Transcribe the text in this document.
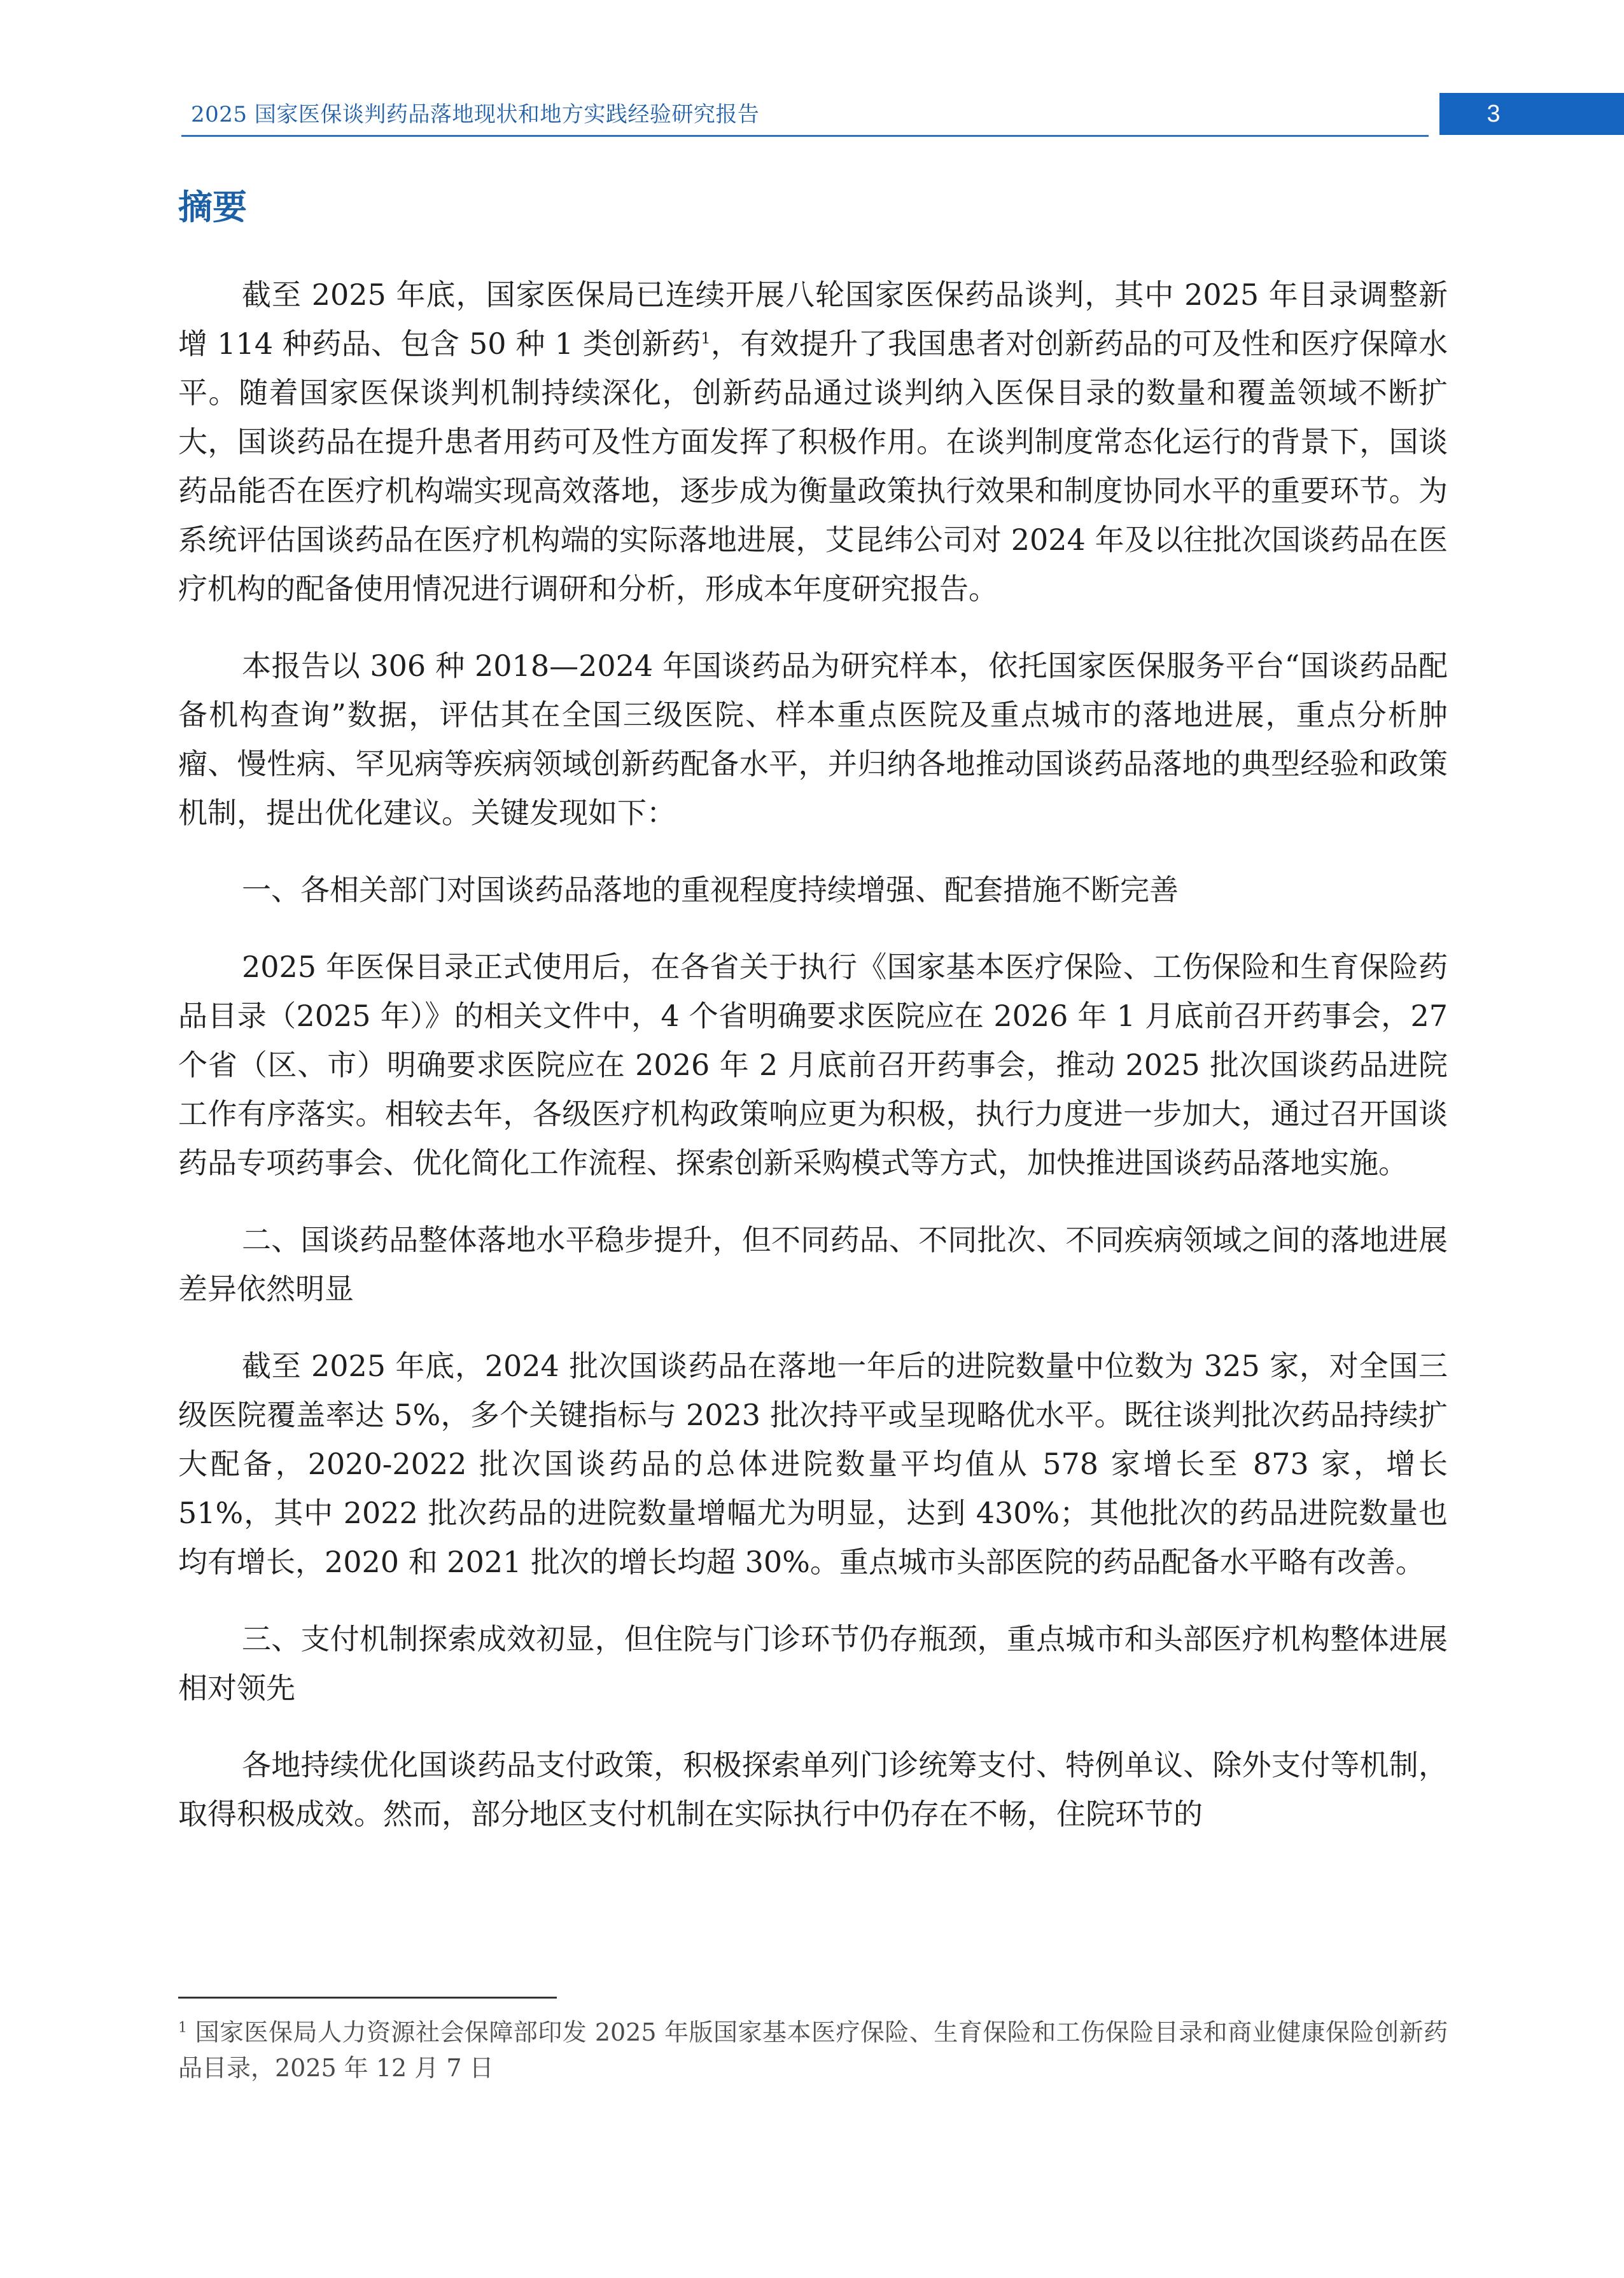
2025 国家医保谈判药品落地现状和地方实践经验研究报告	3
摘要

截至 2025 年底，国家医保局已连续开展八轮国家医保药品谈判，其中 2025 年目录调整新增 114 种药品、包含 50 种 1 类创新药$^1$，有效提升了我国患者对创新药品的可及性和医疗保障水平。随着国家医保谈判机制持续深化，创新药品通过谈判纳入医保目录的数量和覆盖领域不断扩大，国谈药品在提升患者用药可及性方面发挥了积极作用。在谈判制度常态化运行的背景下，国谈药品能否在医疗机构端实现高效落地，逐步成为衡量政策执行效果和制度协同水平的重要环节。为系统评估国谈药品在医疗机构端的实际落地进展，艾昆纬公司对 2024 年及以往批次国谈药品在医疗机构的配备使用情况进行调研和分析，形成本年度研究报告。

本报告以 306 种 2018—2024 年国谈药品为研究样本，依托国家医保服务平台“国谈药品配备机构查询”数据，评估其在全国三级医院、样本重点医院及重点城市的落地进展，重点分析肿瘤、慢性病、罕见病等疾病领域创新药配备水平，并归纳各地推动国谈药品落地的典型经验和政策机制，提出优化建议。关键发现如下：

一、各相关部门对国谈药品落地的重视程度持续增强、配套措施不断完善

2025 年医保目录正式使用后，在各省关于执行《国家基本医疗保险、工伤保险和生育保险药品目录（2025 年）》的相关文件中，4 个省明确要求医院应在 2026 年 1 月底前召开药事会，27 个省（区、市）明确要求医院应在 2026 年 2 月底前召开药事会，推动 2025 批次国谈药品进院工作有序落实。相较去年，各级医疗机构政策响应更为积极，执行力度进一步加大，通过召开国谈药品专项药事会、优化简化工作流程、探索创新采购模式等方式，加快推进国谈药品落地实施。

二、国谈药品整体落地水平稳步提升，但不同药品、不同批次、不同疾病领域之间的落地进展差异依然明显

截至 2025 年底，2024 批次国谈药品在落地一年后的进院数量中位数为 325 家，对全国三级医院覆盖率达 5%，多个关键指标与 2023 批次持平或呈现略优水平。既往谈判批次药品持续扩大配备，2020-2022 批次国谈药品的总体进院数量平均值从 578 家增长至 873 家，增长 51%，其中 2022 批次药品的进院数量增幅尤为明显，达到 430%；其他批次的药品进院数量也均有增长，2020 和 2021 批次的增长均超 30%。重点城市头部医院的药品配备水平略有改善。

三、支付机制探索成效初显，但住院与门诊环节仍存瓶颈，重点城市和头部医疗机构整体进展相对领先

各地持续优化国谈药品支付政策，积极探索单列门诊统筹支付、特例单议、除外支付等机制，取得积极成效。然而，部分地区支付机制在实际执行中仍存在不畅，住院环节的

$^1$ 国家医保局人力资源社会保障部印发 2025 年版国家基本医疗保险、生育保险和工伤保险目录和商业健康保险创新药品目录，2025 年 12 月 7 日
